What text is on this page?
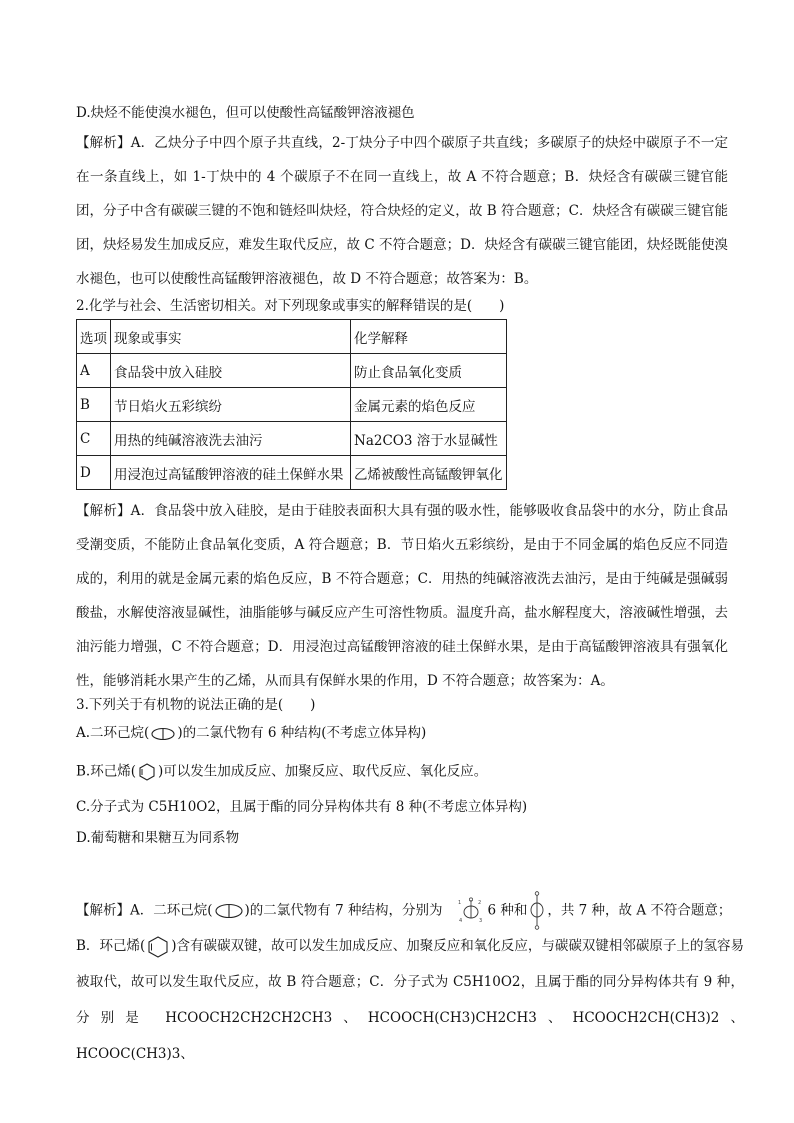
D.炔烃不能使溴水褪色，但可以使酸性高锰酸钾溶液褪色
【解析】A．乙炔分子中四个原子共直线，2-丁炔分子中四个碳原子共直线；多碳原子的炔烃中碳原子不一定在一条直线上，如 1-丁炔中的 4 个碳原子不在同一直线上，故 A 不符合题意；B．炔烃含有碳碳三键官能团，分子中含有碳碳三键的不饱和链烃叫炔烃，符合炔烃的定义，故 B 符合题意；C．炔烃含有碳碳三键官能团，炔烃易发生加成反应，难发生取代反应，故 C 不符合题意；D．炔烃含有碳碳三键官能团，炔烃既能使溴水褪色，也可以使酸性高锰酸钾溶液褪色，故 D 不符合题意；故答案为：B。
2.化学与社会、生活密切相关。对下列现象或事实的解释错误的是(　　)
选项	现象或事实	化学解释
A	食品袋中放入硅胶	防止食品氧化变质
B	节日焰火五彩缤纷	金属元素的焰色反应
C	用热的纯碱溶液洗去油污	Na2CO3 溶于水显碱性
D	用浸泡过高锰酸钾溶液的硅土保鲜水果	乙烯被酸性高锰酸钾氧化
【解析】A．食品袋中放入硅胶，是由于硅胶表面积大具有强的吸水性，能够吸收食品袋中的水分，防止食品受潮变质，不能防止食品氧化变质，A 符合题意；B．节日焰火五彩缤纷，是由于不同金属的焰色反应不同造成的，利用的就是金属元素的焰色反应，B 不符合题意；C．用热的纯碱溶液洗去油污，是由于纯碱是强碱弱酸盐，水解使溶液显碱性，油脂能够与碱反应产生可溶性物质。温度升高，盐水解程度大，溶液碱性增强，去油污能力增强，C 不符合题意；D．用浸泡过高锰酸钾溶液的硅土保鲜水果，是由于高锰酸钾溶液具有强氧化性，能够消耗水果产生的乙烯，从而具有保鲜水果的作用，D 不符合题意；故答案为：A。
3.下列关于有机物的说法正确的是(　　)
A.二环己烷( )的二氯代物有 6 种结构(不考虑立体异构)
B.环己烯( )可以发生加成反应、加聚反应、取代反应、氧化反应。
C.分子式为 C5H10O2，且属于酯的同分异构体共有 8 种(不考虑立体异构)
D.葡萄糖和果糖互为同系物
【解析】A．二环己烷( )的二氯代物有 7 种结构，分别为	1	2
4	3
6 种和 ，共 7 种，故 A 不符合题意；
B．环己烯( )含有碳碳双键，故可以发生加成反应、加聚反应和氧化反应，与碳碳双键相邻碳原子上的氢容易被取代，故可以发生取代反应，故 B 符合题意；C．分子式为 C5H10O2，且属于酯的同分异构体共有 9 种，分别是 HCOOCH2CH2CH2CH3、HCOOCH(CH3)CH2CH3、HCOOCH2CH(CH3)2、HCOOC(CH3)3、
